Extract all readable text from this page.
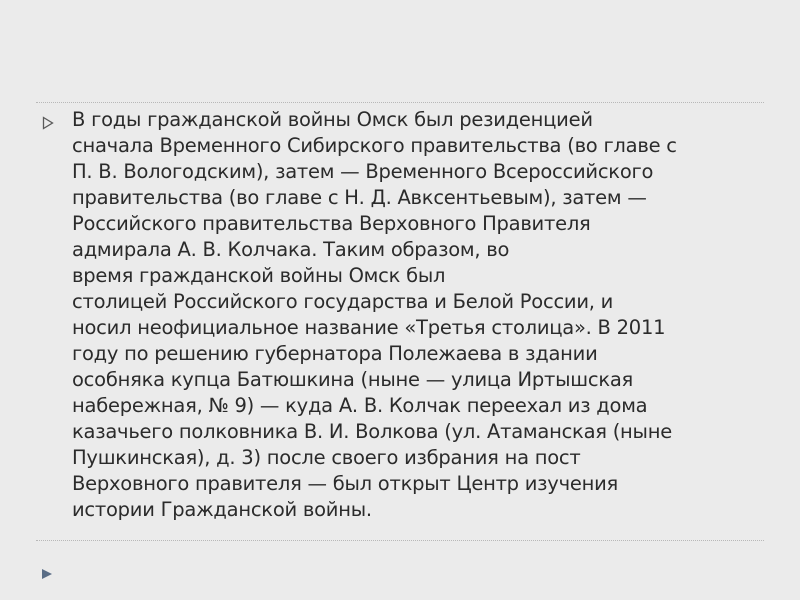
В годы гражданской войны Омск был резиденцией
сначала Временного Сибирского правительства (во главе с
П. В. Вологодским), затем — Временного Всероссийского
правительства (во главе с Н. Д. Авксентьевым), затем —
Российского правительства Верховного Правителя
адмирала А. В. Колчака. Таким образом, во
время гражданской войны Омск был
столицей Российского государства и Белой России, и
носил неофициальное название «Третья столица». В 2011
году по решению губернатора Полежаева в здании
особняка купца Батюшкина (ныне — улица Иртышская
набережная, № 9) — куда А. В. Колчак переехал из дома
казачьего полковника В. И. Волкова (ул. Атаманская (ныне
Пушкинская), д. 3) после своего избрания на пост
Верховного правителя — был открыт Центр изучения
истории Гражданской войны.
